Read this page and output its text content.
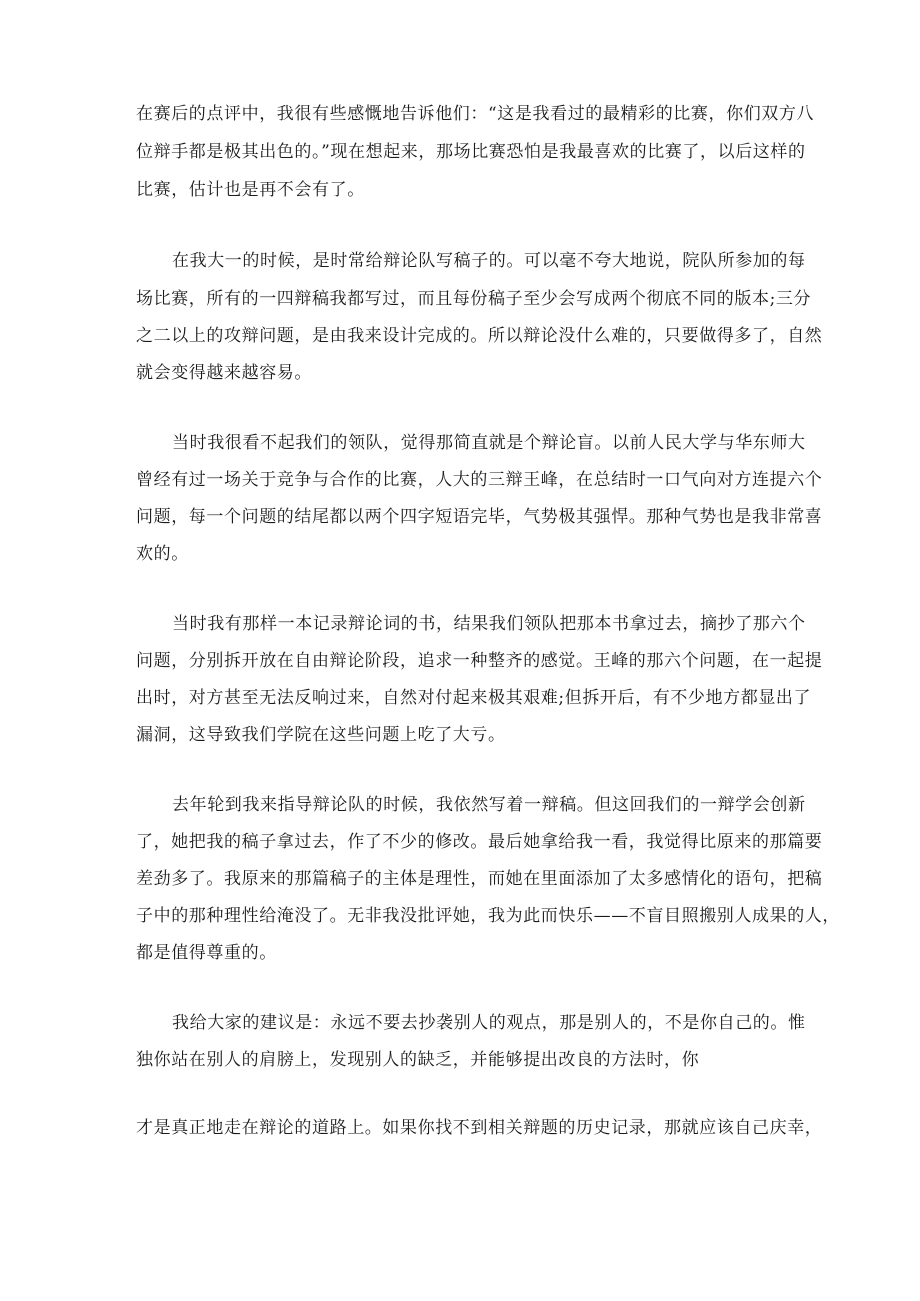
在赛后的点评中，我很有些感慨地告诉他们：“这是我看过的最精彩的比赛，你们双方八
位辩手都是极其出色的。”现在想起来，那场比赛恐怕是我最喜欢的比赛了，以后这样的
比赛，估计也是再不会有了。
在我大一的时候，是时常给辩论队写稿子的。可以毫不夸大地说，院队所参加的每
场比赛，所有的一四辩稿我都写过，而且每份稿子至少会写成两个彻底不同的版本;三分
之二以上的攻辩问题，是由我来设计完成的。所以辩论没什么难的，只要做得多了，自然
就会变得越来越容易。
当时我很看不起我们的领队，觉得那简直就是个辩论盲。以前人民大学与华东师大
曾经有过一场关于竞争与合作的比赛，人大的三辩王峰，在总结时一口气向对方连提六个
问题，每一个问题的结尾都以两个四字短语完毕，气势极其强悍。那种气势也是我非常喜
欢的。
当时我有那样一本记录辩论词的书，结果我们领队把那本书拿过去，摘抄了那六个
问题，分别拆开放在自由辩论阶段，追求一种整齐的感觉。王峰的那六个问题，在一起提
出时，对方甚至无法反响过来，自然对付起来极其艰难;但拆开后，有不少地方都显出了
漏洞，这导致我们学院在这些问题上吃了大亏。
去年轮到我来指导辩论队的时候，我依然写着一辩稿。但这回我们的一辩学会创新
了，她把我的稿子拿过去，作了不少的修改。最后她拿给我一看，我觉得比原来的那篇要
差劲多了。我原来的那篇稿子的主体是理性，而她在里面添加了太多感情化的语句，把稿
子中的那种理性给淹没了。无非我没批评她，我为此而快乐——不盲目照搬别人成果的人，
都是值得尊重的。
我给大家的建议是：永远不要去抄袭别人的观点，那是别人的，不是你自己的。惟
独你站在别人的肩膀上，发现别人的缺乏，并能够提出改良的方法时，你
才是真正地走在辩论的道路上。如果你找不到相关辩题的历史记录，那就应该自己庆幸，
